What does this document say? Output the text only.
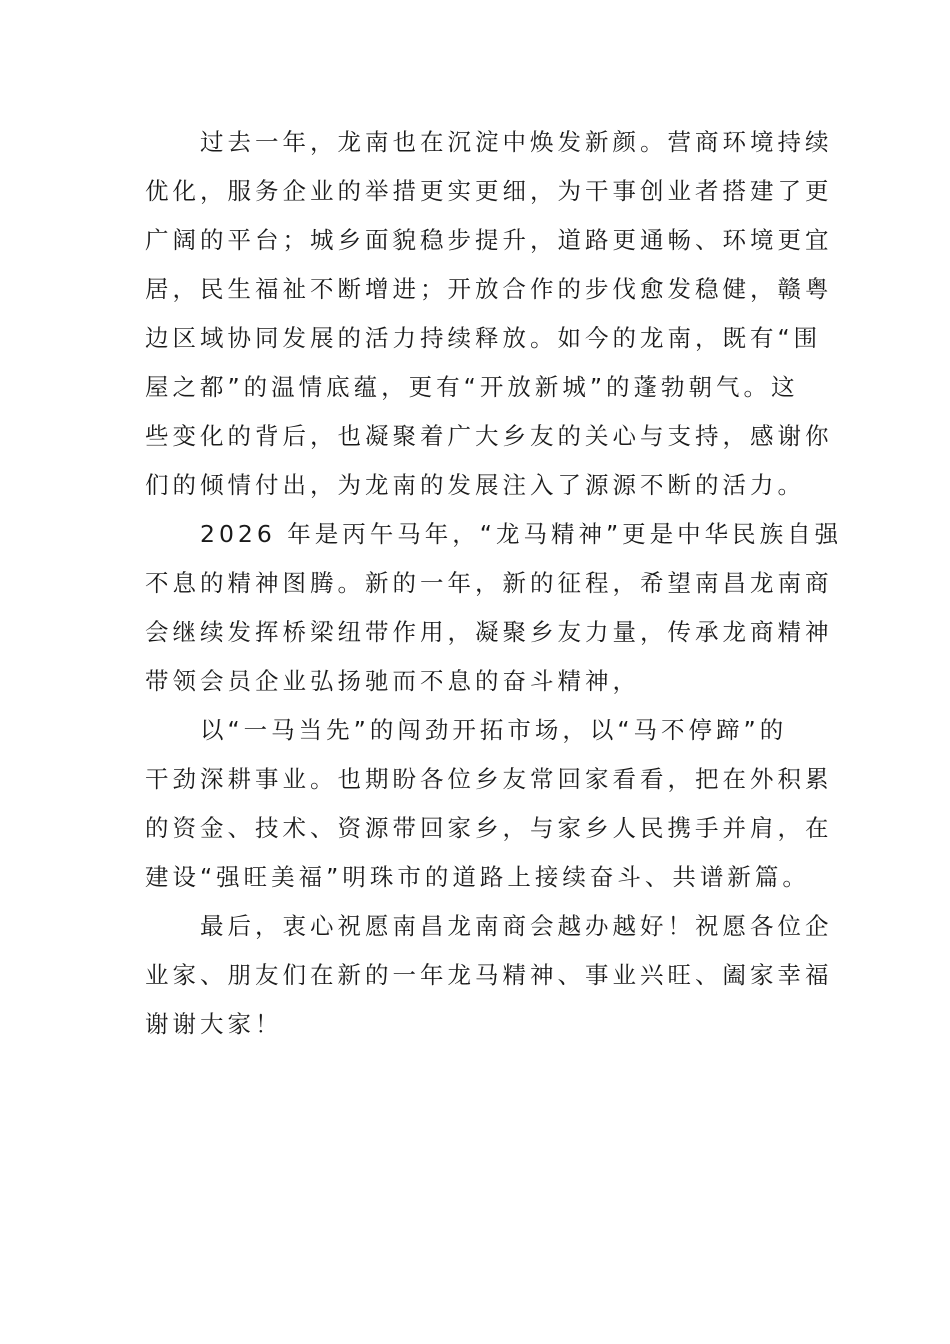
过去一年，龙南也在沉淀中焕发新颜。营商环境持续
优化，服务企业的举措更实更细，为干事创业者搭建了更
广阔的平台；城乡面貌稳步提升，道路更通畅、环境更宜
居，民生福祉不断增进；开放合作的步伐愈发稳健，赣粤
边区域协同发展的活力持续释放。如今的龙南，既有“围
屋之都”的温情底蕴，更有“开放新城”的蓬勃朝气。这
些变化的背后，也凝聚着广大乡友的关心与支持，感谢你
们的倾情付出，为龙南的发展注入了源源不断的活力。

2026 年是丙午马年，“龙马精神”更是中华民族自强
不息的精神图腾。新的一年，新的征程，希望南昌龙南商
会继续发挥桥梁纽带作用，凝聚乡友力量，传承龙商精神
带领会员企业弘扬驰而不息的奋斗精神，

以“一马当先”的闯劲开拓市场，以“马不停蹄”的
干劲深耕事业。也期盼各位乡友常回家看看，把在外积累
的资金、技术、资源带回家乡，与家乡人民携手并肩，在
建设“强旺美福”明珠市的道路上接续奋斗、共谱新篇。

最后，衷心祝愿南昌龙南商会越办越好！祝愿各位企
业家、朋友们在新的一年龙马精神、事业兴旺、阖家幸福
谢谢大家！
